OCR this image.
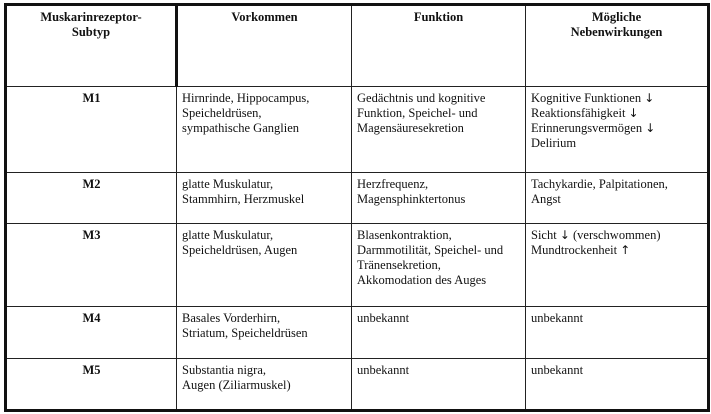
Muskarinrezeptor-
Subtyp	Vorkommen	Funktion	Mögliche
Nebenwirkungen

M1	Hirnrinde, Hippocampus,
Speicheldrüsen,
sympathische Ganglien	Gedächtnis und kognitive
Funktion, Speichel- und
Magensäuresekretion	Kognitive Funktionen ↓
Reaktionsfähigkeit ↓
Erinnerungsvermögen ↓
Delirium

M2	glatte Muskulatur,
Stammhirn, Herzmuskel	Herzfrequenz,
Magensphinktertonus	Tachykardie, Palpitationen,
Angst

M3	glatte Muskulatur,
Speicheldrüsen, Augen	Blasenkontraktion,
Darmmotilität, Speichel- und
Tränensekretion,
Akkomodation des Auges	Sicht ↓ (verschwommen)
Mundtrockenheit ↑

M4	Basales Vorderhirn,
Striatum, Speicheldrüsen	unbekannt	unbekannt

M5	Substantia nigra,
Augen (Ziliarmuskel)	unbekannt	unbekannt
